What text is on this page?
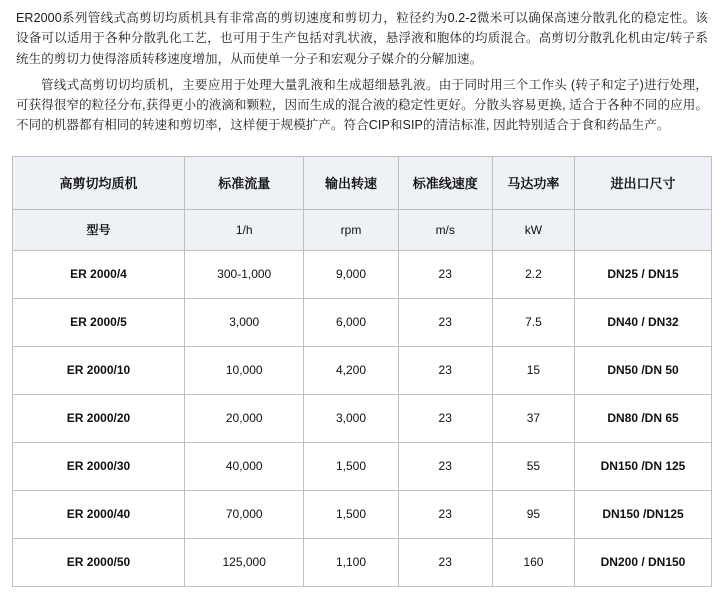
ER2000系列管线式高剪切均质机具有非常高的剪切速度和剪切力，粒径约为0.2-2微米可以确保高速分散乳化的稳定性。该设备可以适用于各种分散乳化工艺，也可用于生产包括对乳状液，悬浮液和胞体的均质混合。高剪切分散乳化机由定/转子系统生的剪切力使得溶质转移速度增加，从而使单一分子和宏观分子媒介的分解加速。

管线式高剪切切均质机，主要应用于处理大量乳液和生成超细悬乳液。由于同时用三个工作头 (转子和定子)进行处理，可获得很窄的粒径分布,获得更小的液滴和颗粒，因而生成的混合液的稳定性更好。分散头容易更换, 适合于各种不同的应用。不同的机器都有相同的转速和剪切率，这样便于规模扩产。符合CIP和SIP的清洁标准, 因此特别适合于食和药品生产。

高剪切均质机	标准流量	输出转速	标准线速度	马达功率	进出口尺寸
型号	1/h	rpm	m/s	kW	
ER 2000/4	300-1,000	9,000	23	2.2	DN25 / DN15
ER 2000/5	3,000	6,000	23	7.5	DN40 / DN32
ER 2000/10	10,000	4,200	23	15	DN50 /DN 50
ER 2000/20	20,000	3,000	23	37	DN80 /DN 65
ER 2000/30	40,000	1,500	23	55	DN150 /DN 125
ER 2000/40	70,000	1,500	23	95	DN150 /DN125
ER 2000/50	125,000	1,100	23	160	DN200 / DN150
